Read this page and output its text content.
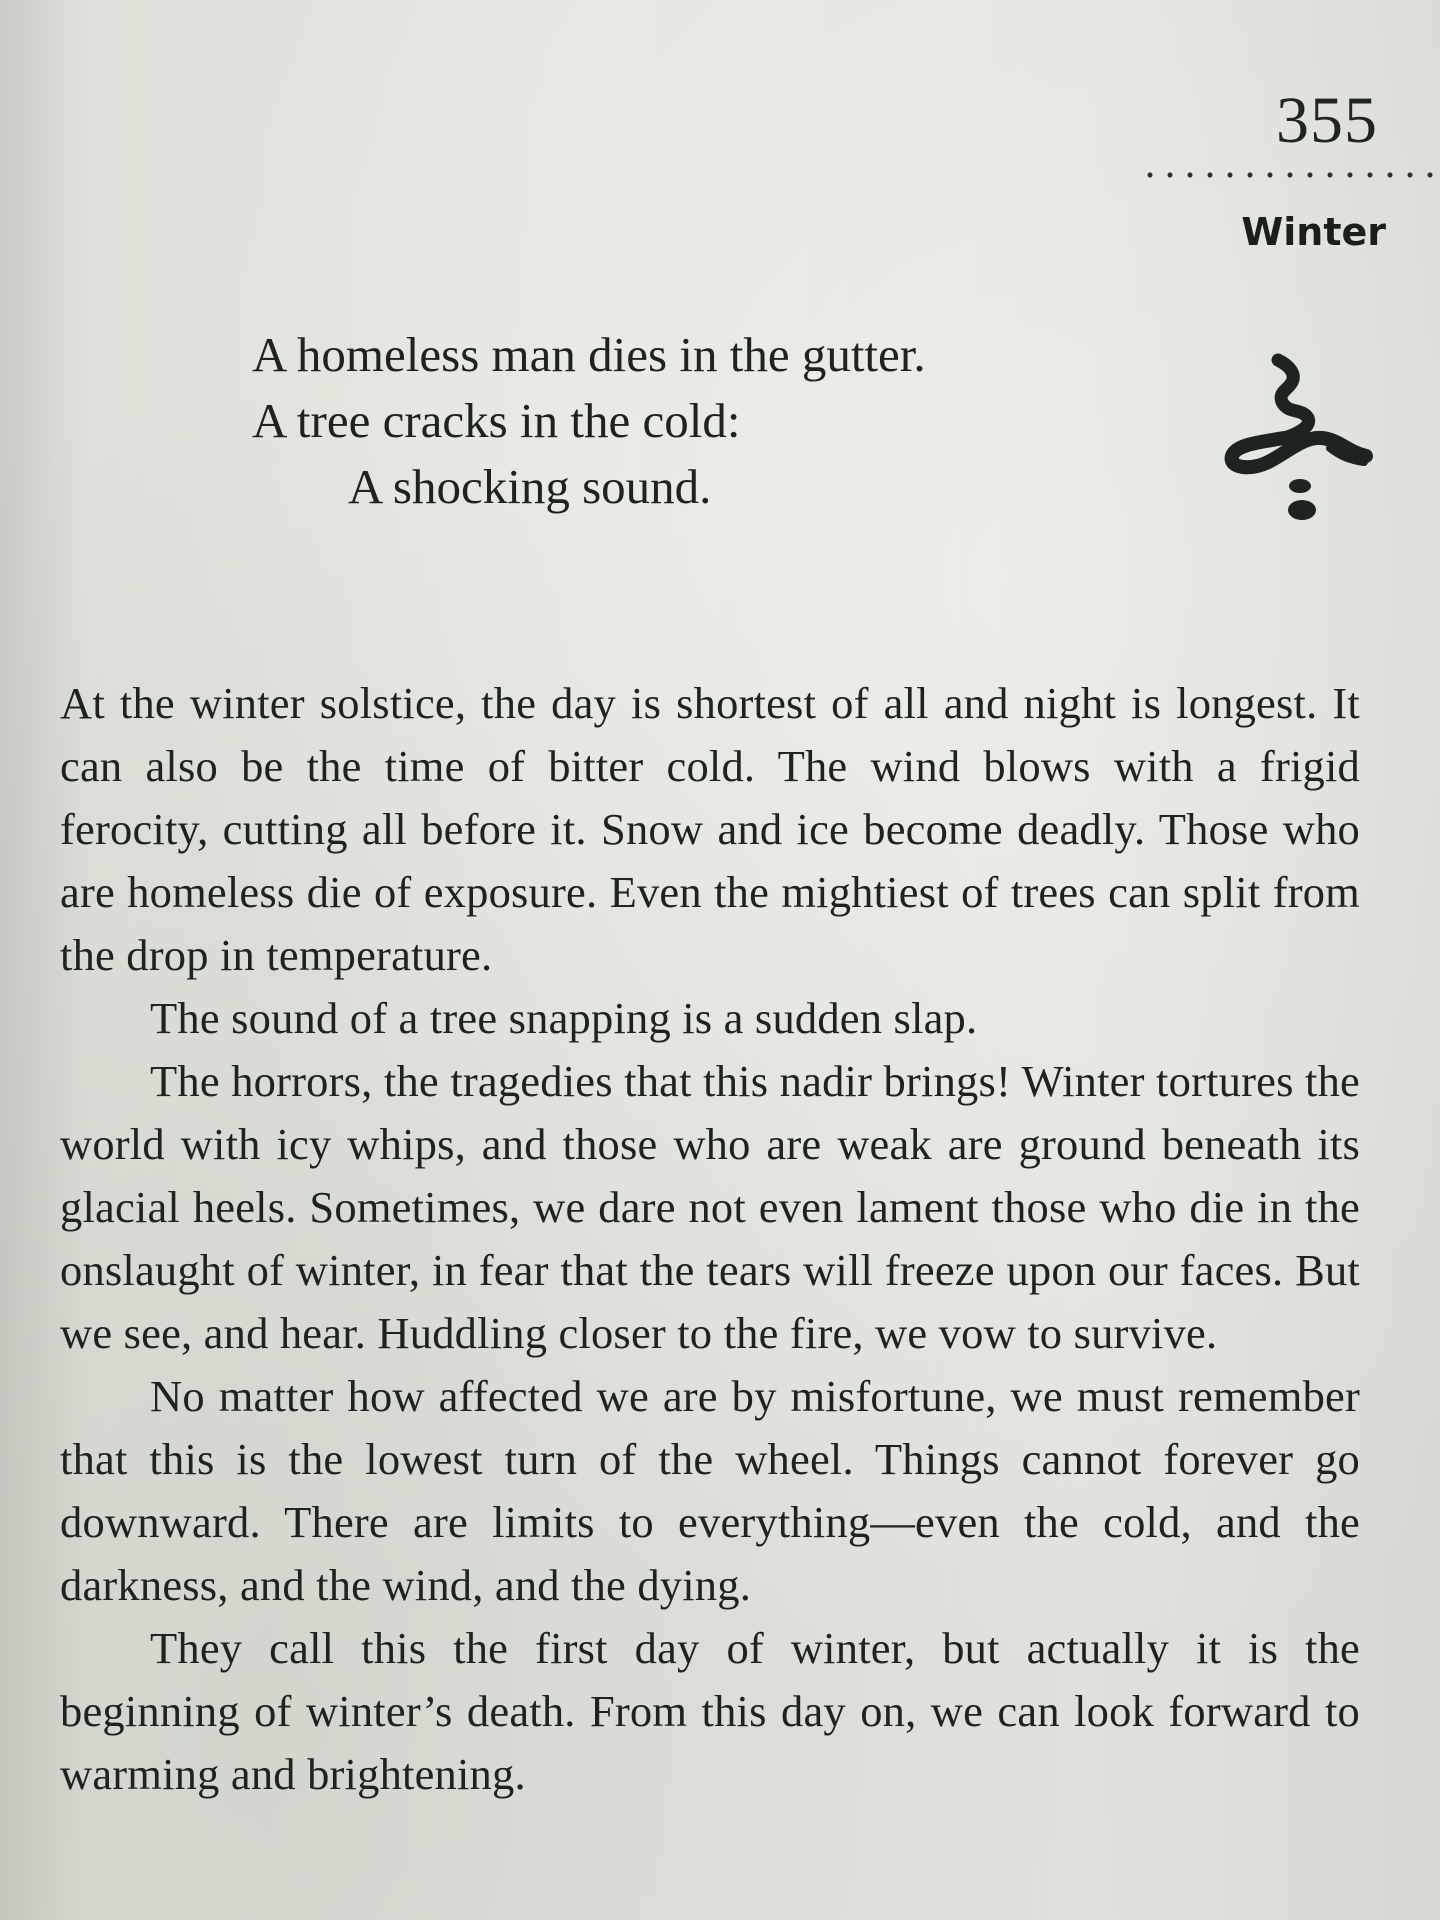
355
Winter
A homeless man dies in the gutter.
A tree cracks in the cold:
A shocking sound.

At the winter solstice, the day is shortest of all and night is longest. It can also be the time of bitter cold. The wind blows with a frigid ferocity, cutting all before it. Snow and ice become deadly. Those who are homeless die of exposure. Even the mightiest of trees can split from the drop in temperature.

The sound of a tree snapping is a sudden slap.

The horrors, the tragedies that this nadir brings! Winter tortures the world with icy whips, and those who are weak are ground beneath its glacial heels. Sometimes, we dare not even lament those who die in the onslaught of winter, in fear that the tears will freeze upon our faces. But we see, and hear. Huddling closer to the fire, we vow to survive.

No matter how affected we are by misfortune, we must remember that this is the lowest turn of the wheel. Things cannot forever go downward. There are limits to everything—even the cold, and the darkness, and the wind, and the dying.

They call this the first day of winter, but actually it is the beginning of winter’s death. From this day on, we can look forward to warming and brightening.
